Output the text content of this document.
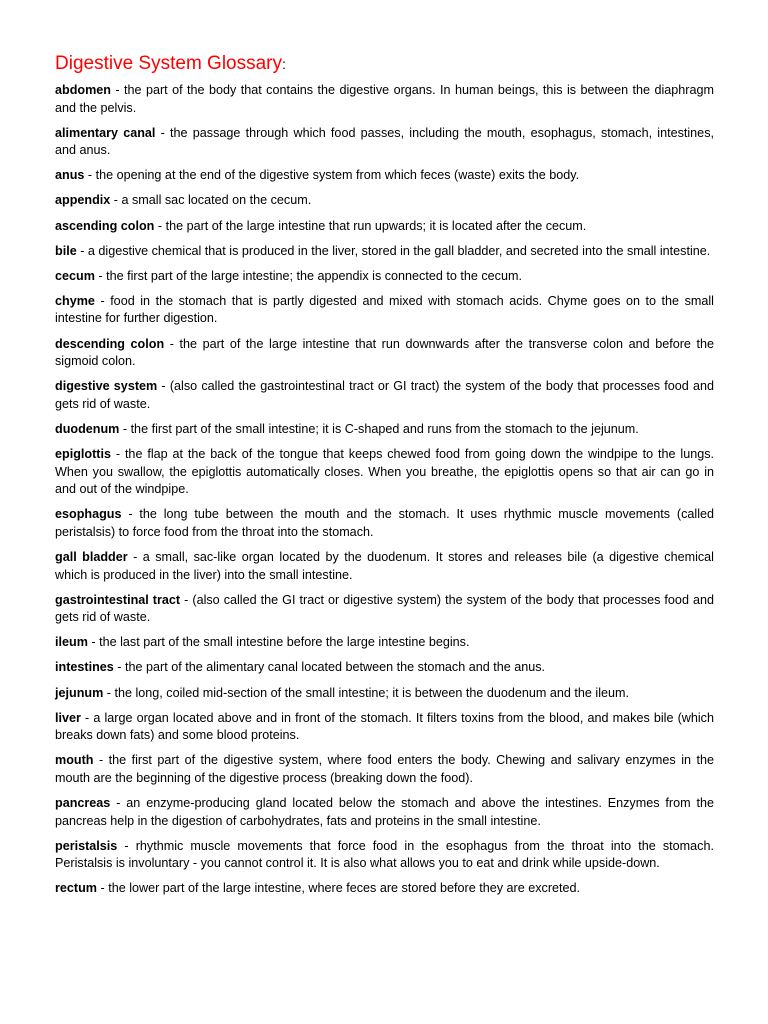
Digestive System Glossary:

abdomen - the part of the body that contains the digestive organs. In human beings, this is between the diaphragm and the pelvis.

alimentary canal - the passage through which food passes, including the mouth, esophagus, stomach, intestines, and anus.

anus - the opening at the end of the digestive system from which feces (waste) exits the body.

appendix - a small sac located on the cecum.

ascending colon - the part of the large intestine that run upwards; it is located after the cecum.

bile - a digestive chemical that is produced in the liver, stored in the gall bladder, and secreted into the small intestine.

cecum - the first part of the large intestine; the appendix is connected to the cecum.

chyme - food in the stomach that is partly digested and mixed with stomach acids. Chyme goes on to the small intestine for further digestion.

descending colon - the part of the large intestine that run downwards after the transverse colon and before the sigmoid colon.

digestive system - (also called the gastrointestinal tract or GI tract) the system of the body that processes food and gets rid of waste.

duodenum - the first part of the small intestine; it is C-shaped and runs from the stomach to the jejunum.

epiglottis - the flap at the back of the tongue that keeps chewed food from going down the windpipe to the lungs. When you swallow, the epiglottis automatically closes. When you breathe, the epiglottis opens so that air can go in and out of the windpipe.

esophagus - the long tube between the mouth and the stomach. It uses rhythmic muscle movements (called peristalsis) to force food from the throat into the stomach.

gall bladder - a small, sac-like organ located by the duodenum. It stores and releases bile (a digestive chemical which is produced in the liver) into the small intestine.

gastrointestinal tract - (also called the GI tract or digestive system) the system of the body that processes food and gets rid of waste.

ileum - the last part of the small intestine before the large intestine begins.

intestines - the part of the alimentary canal located between the stomach and the anus.

jejunum - the long, coiled mid-section of the small intestine; it is between the duodenum and the ileum.

liver - a large organ located above and in front of the stomach. It filters toxins from the blood, and makes bile (which breaks down fats) and some blood proteins.

mouth - the first part of the digestive system, where food enters the body. Chewing and salivary enzymes in the mouth are the beginning of the digestive process (breaking down the food).

pancreas - an enzyme-producing gland located below the stomach and above the intestines. Enzymes from the pancreas help in the digestion of carbohydrates, fats and proteins in the small intestine.

peristalsis - rhythmic muscle movements that force food in the esophagus from the throat into the stomach. Peristalsis is involuntary - you cannot control it. It is also what allows you to eat and drink while upside-down.

rectum - the lower part of the large intestine, where feces are stored before they are excreted.
